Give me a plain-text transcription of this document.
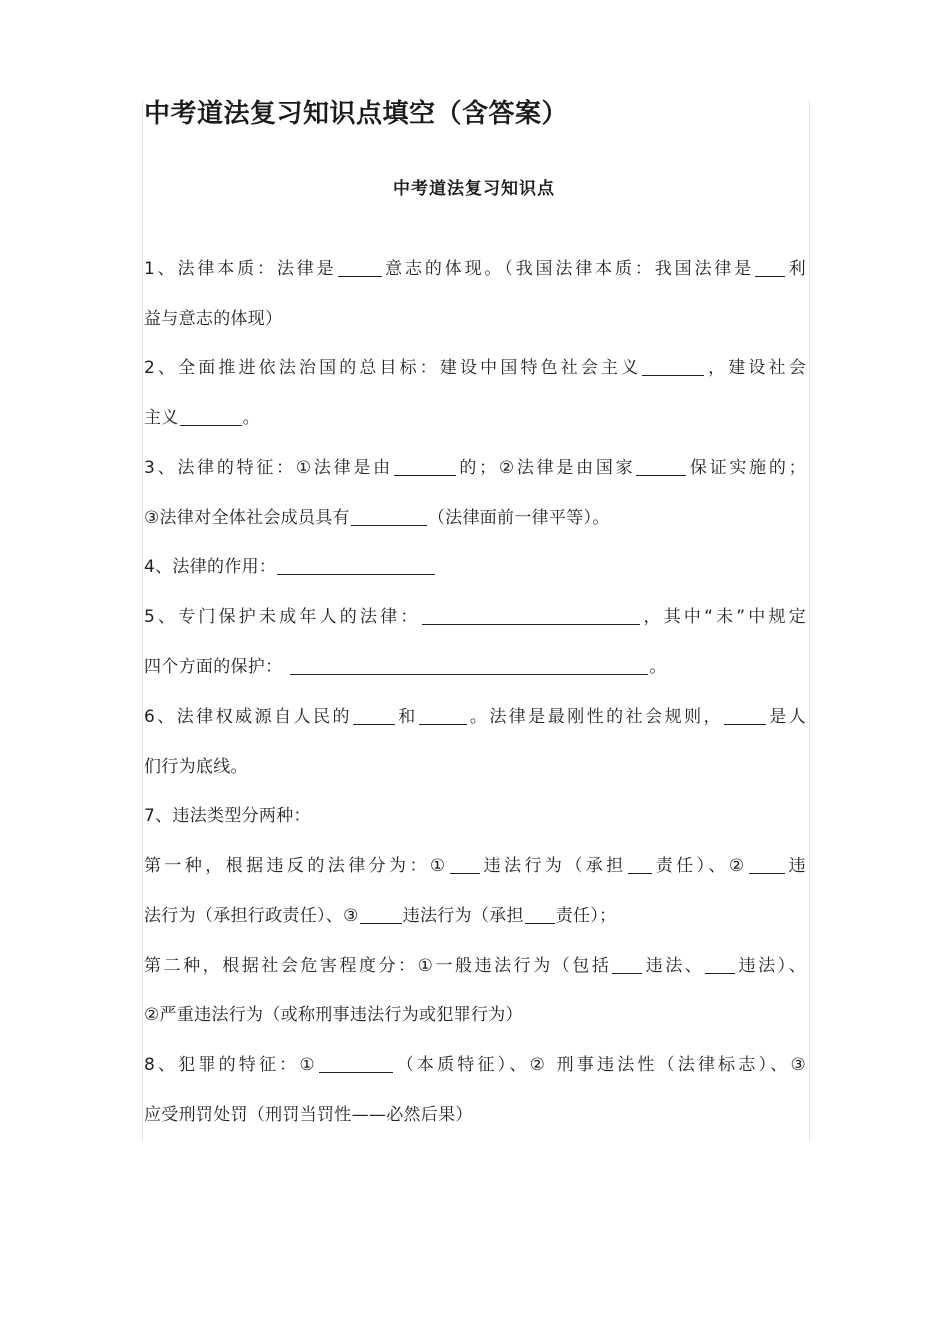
中考道法复习知识点填空（含答案）
中考道法复习知识点
1、法律本质：法律是	意志的体现。（我国法律本质：我国法律是 利
益与意志的体现）
2、全面推进依法治国的总目标：建设中国特色社会主义	，建设社会
主义	。
3、法律的特征：①法律是由	的；②法律是由国家	保证实施的；
③法律对全体社会成员具有	（法律面前一律平等）。
4、法律的作用：
5、专门保护未成年人的法律：	，其中“未”中规定
四个方面的保护：	。
6、法律权威源自人民的	和	。法律是最刚性的社会规则，	是人
们行为底线。
7、违法类型分两种：
第一种，根据违反的法律分为：① 违法行为（承担 责任）、② 违
法行为（承担行政责任）、③	违法行为（承担 责任）；
第二种，根据社会危害程度分：①一般违法行为（包括 违法、 违法）、
②严重违法行为（或称刑事违法行为或犯罪行为）
8、犯罪的特征：①	（本质特征）、② 刑事违法性（法律标志）、③
应受刑罚处罚（刑罚当罚性——必然后果）
